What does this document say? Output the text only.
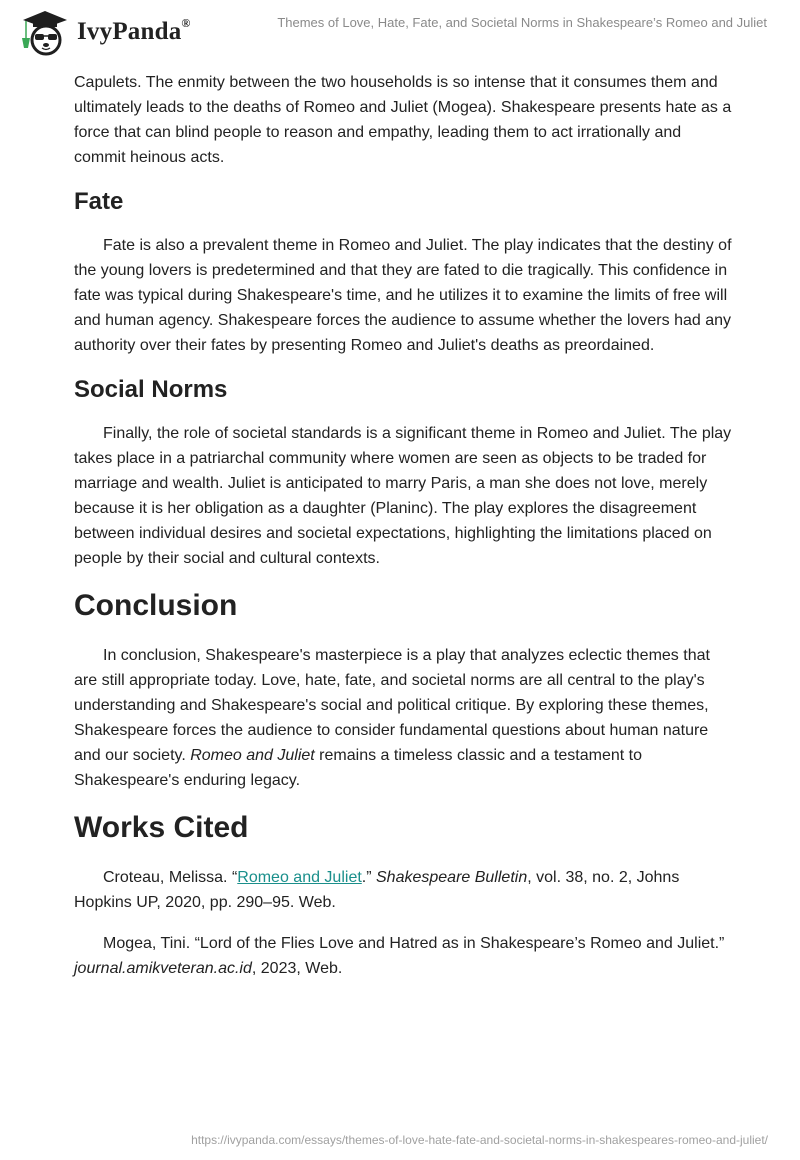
IvyPanda®	Themes of Love, Hate, Fate, and Societal Norms in Shakespeare’s Romeo and Juliet

Capulets. The enmity between the two households is so intense that it consumes them and ultimately leads to the deaths of Romeo and Juliet (Mogea). Shakespeare presents hate as a force that can blind people to reason and empathy, leading them to act irrationally and commit heinous acts.

Fate

Fate is also a prevalent theme in Romeo and Juliet. The play indicates that the destiny of the young lovers is predetermined and that they are fated to die tragically. This confidence in fate was typical during Shakespeare's time, and he utilizes it to examine the limits of free will and human agency. Shakespeare forces the audience to assume whether the lovers had any authority over their fates by presenting Romeo and Juliet's deaths as preordained.

Social Norms

Finally, the role of societal standards is a significant theme in Romeo and Juliet. The play takes place in a patriarchal community where women are seen as objects to be traded for marriage and wealth. Juliet is anticipated to marry Paris, a man she does not love, merely because it is her obligation as a daughter (Planinc). The play explores the disagreement between individual desires and societal expectations, highlighting the limitations placed on people by their social and cultural contexts.

Conclusion

In conclusion, Shakespeare's masterpiece is a play that analyzes eclectic themes that are still appropriate today. Love, hate, fate, and societal norms are all central to the play's understanding and Shakespeare's social and political critique. By exploring these themes, Shakespeare forces the audience to consider fundamental questions about human nature and our society. Romeo and Juliet remains a timeless classic and a testament to Shakespeare's enduring legacy.

Works Cited

Croteau, Melissa. “Romeo and Juliet.” Shakespeare Bulletin, vol. 38, no. 2, Johns Hopkins UP, 2020, pp. 290–95. Web.

Mogea, Tini. “Lord of the Flies Love and Hatred as in Shakespeare’s Romeo and Juliet.” journal.amikveteran.ac.id, 2023, Web.

https://ivypanda.com/essays/themes-of-love-hate-fate-and-societal-norms-in-shakespeares-romeo-and-juliet/
